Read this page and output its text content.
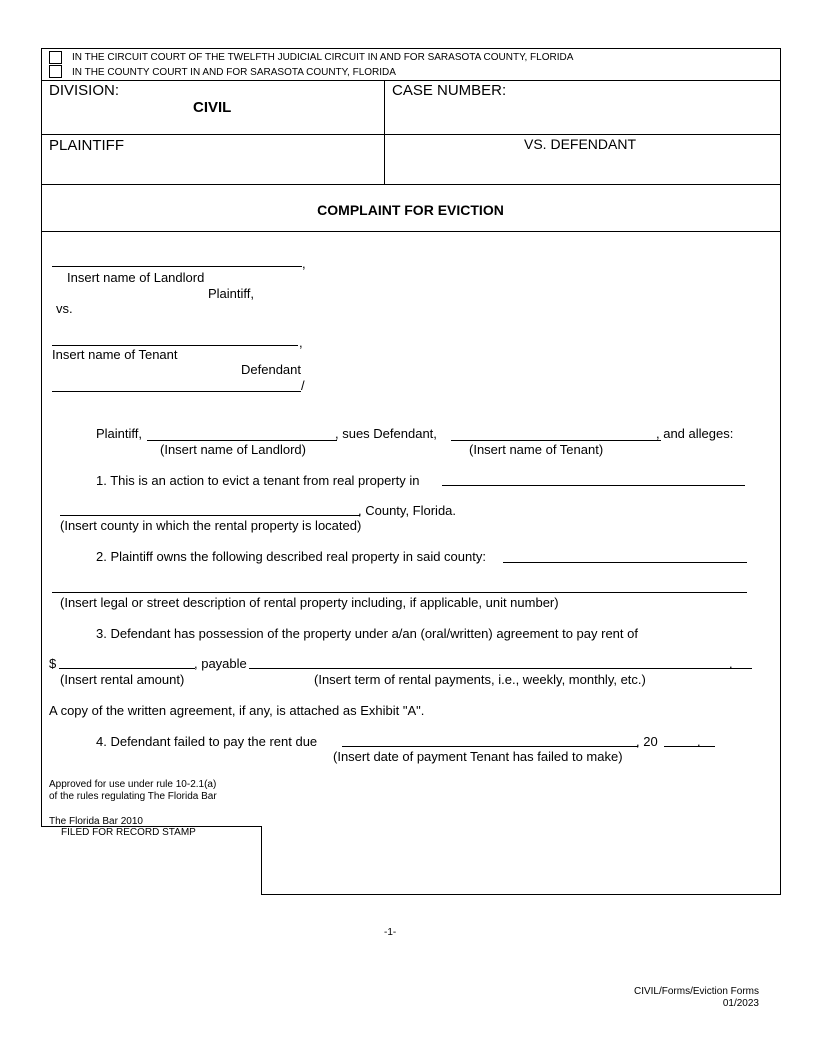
IN THE CIRCUIT COURT OF THE TWELFTH JUDICIAL CIRCUIT IN AND FOR SARASOTA COUNTY, FLORIDA
IN THE COUNTY COURT IN AND FOR SARASOTA COUNTY, FLORIDA
DIVISION:
CIVIL
CASE NUMBER:
PLAINTIFF	VS. DEFENDANT
COMPLAINT FOR EVICTION
,
Insert name of Landlord
Plaintiff,
vs.
,
Insert name of Tenant
Defendant
/
Plaintiff,	, sues Defendant,	, and alleges:
(Insert name of Landlord)	(Insert name of Tenant)
1. This is an action to evict a tenant from real property in
, County, Florida.
(Insert county in which the rental property is located)
2. Plaintiff owns the following described real property in said county:
(Insert legal or street description of rental property including, if applicable, unit number)
3. Defendant has possession of the property under a/an (oral/written) agreement to pay rent of
$	, payable	.
(Insert rental amount)	(Insert term of rental payments, i.e., weekly, monthly, etc.)
A copy of the written agreement, if any, is attached as Exhibit "A".
4. Defendant failed to pay the rent due	, 20	.
(Insert date of payment Tenant has failed to make)
Approved for use under rule 10-2.1(a)
of the rules regulating The Florida Bar
The Florida Bar 2010
FILED FOR RECORD STAMP
-1-
CIVIL/Forms/Eviction Forms
01/2023
